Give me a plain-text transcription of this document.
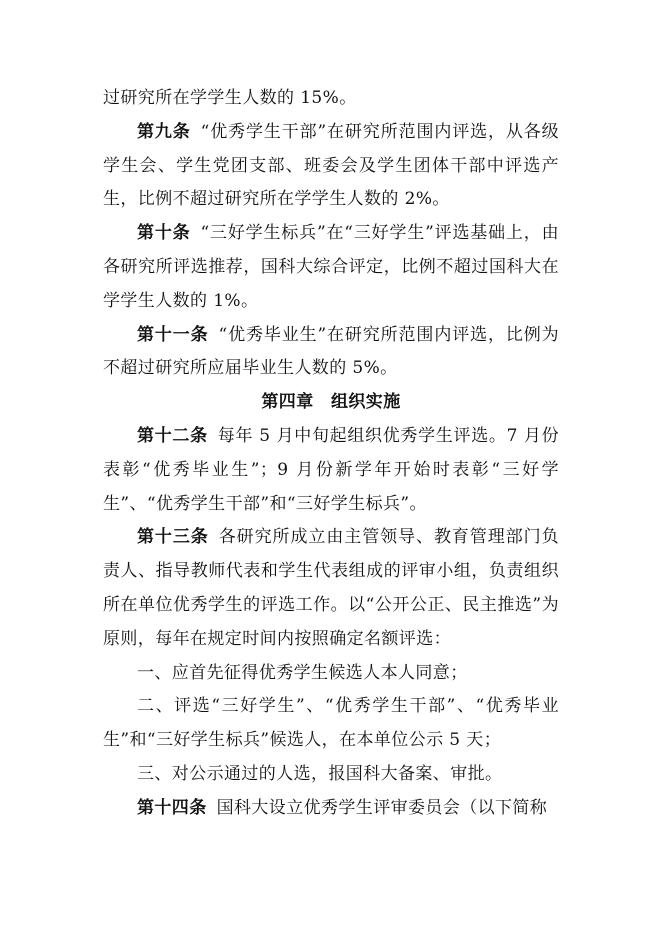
过研究所在学学生人数的 15%。

第九条 “优秀学生干部”在研究所范围内评选，从各级学生会、学生党团支部、班委会及学生团体干部中评选产生，比例不超过研究所在学学生人数的 2%。

第十条 “三好学生标兵”在“三好学生”评选基础上，由各研究所评选推荐，国科大综合评定，比例不超过国科大在学学生人数的 1%。

第十一条 “优秀毕业生”在研究所范围内评选，比例为不超过研究所应届毕业生人数的 5%。

第四章　组织实施

第十二条 每年 5 月中旬起组织优秀学生评选。7 月份表彰“优秀毕业生”；9 月份新学年开始时表彰“三好学生”、“优秀学生干部”和“三好学生标兵”。

第十三条 各研究所成立由主管领导、教育管理部门负责人、指导教师代表和学生代表组成的评审小组，负责组织所在单位优秀学生的评选工作。以“公开公正、民主推选”为原则，每年在规定时间内按照确定名额评选：

一、应首先征得优秀学生候选人本人同意；

二、评选“三好学生”、“优秀学生干部”、“优秀毕业生”和“三好学生标兵”候选人，在本单位公示 5 天；

三、对公示通过的人选，报国科大备案、审批。

第十四条 国科大设立优秀学生评审委员会（以下简称
